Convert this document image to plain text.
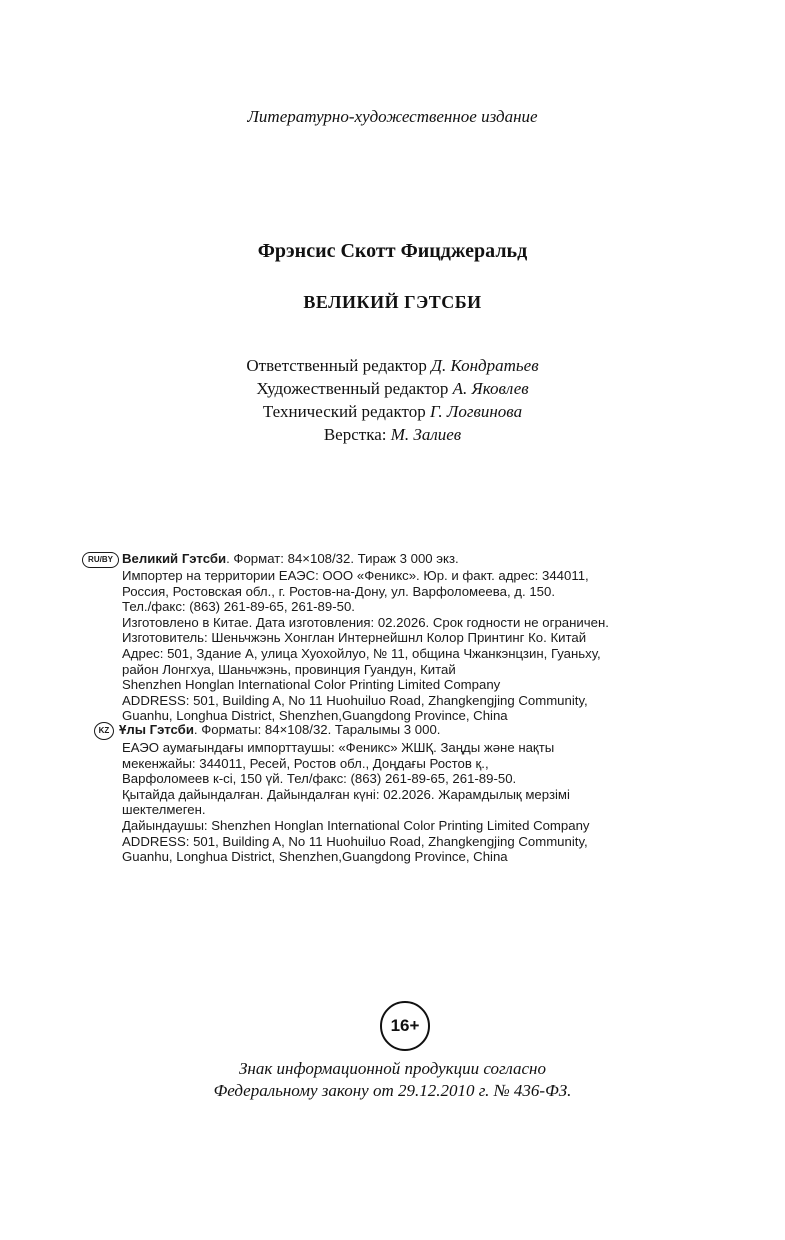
Литературно-художественное издание
Фрэнсис Скотт Фицджеральд
ВЕЛИКИЙ ГЭТСБИ
Ответственный редактор Д. Кондратьев
Художественный редактор А. Яковлев
Технический редактор Г. Логвинова
Верстка: М. Залиев
RU/BY Великий Гэтсби. Формат: 84×108/32. Тираж 3 000 экз.
Импортер на территории ЕАЭС: ООО «Феникс». Юр. и факт. адрес: 344011,
Россия, Ростовская обл., г. Ростов-на-Дону, ул. Варфоломеева, д. 150.
Тел./факс: (863) 261-89-65, 261-89-50.
Изготовлено в Китае. Дата изготовления: 02.2026. Срок годности не ограничен.
Изготовитель: Шеньчжэнь Хонглан Интернейшнл Колор Принтинг Ко. Китай
Адрес: 501, Здание А, улица Хуохойлуо, № 11, община Чжанкэнцзин, Гуаньху,
район Лонгхуа, Шаньчжэнь, провинция Гуандун, Китай
Shenzhen Honglan International Color Printing Limited Company
ADDRESS: 501, Building A, No 11 Huohuiluo Road, Zhangkengjing Community,
Guanhu, Longhua District, Shenzhen,Guangdong Province, China
KZ Ұлы Гэтсби. Форматы: 84×108/32. Таралымы 3 000.
ЕАЭО аумағындағы импорттаушы: «Феникс» ЖШҚ. Заңды және нақты
мекенжайы: 344011, Ресей, Ростов обл., Доңдағы Ростов қ.,
Варфоломеев к-сі, 150 үй. Тел/факс: (863) 261-89-65, 261-89-50.
Қытайда дайындалған. Дайындалған күні: 02.2026. Жарамдылық мерзімі
шектелмеген.
Дайындаушы: Shenzhen Honglan International Color Printing Limited Company
ADDRESS: 501, Building A, No 11 Huohuiluo Road, Zhangkengjing Community,
Guanhu, Longhua District, Shenzhen,Guangdong Province, China
16+
Знак информационной продукции согласно
Федеральному закону от 29.12.2010 г. № 436-ФЗ.
